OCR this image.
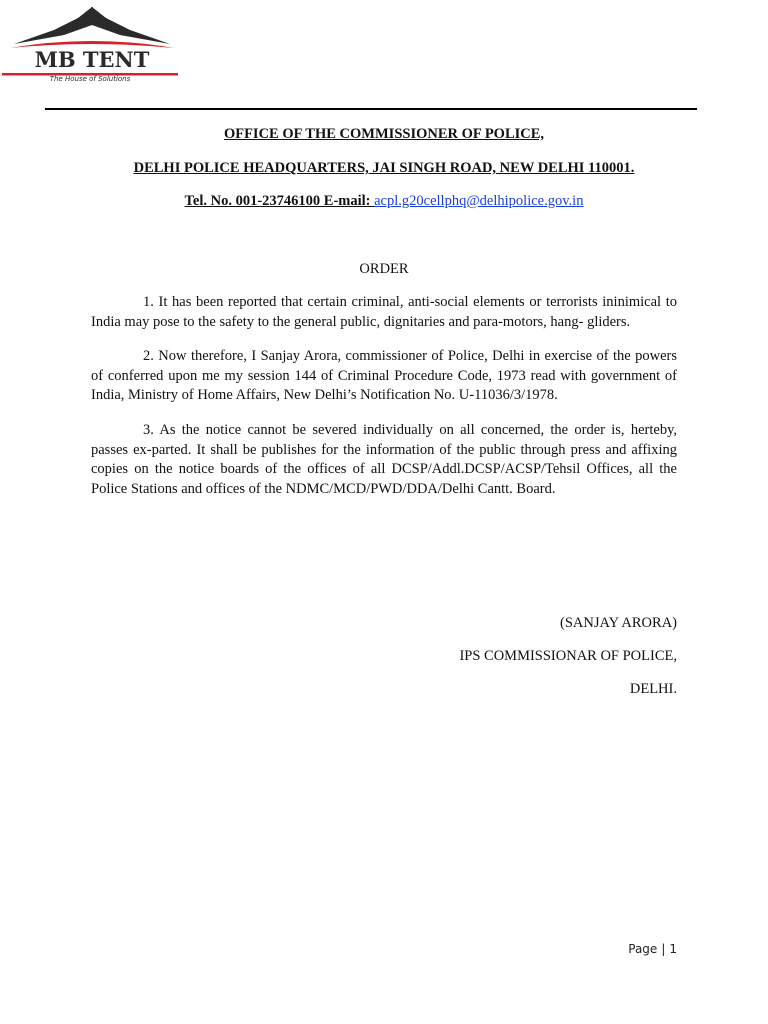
MB TENT
The House of Solutions
OFFICE OF THE COMMISSIONER OF POLICE,
DELHI POLICE HEADQUARTERS, JAI SINGH ROAD, NEW DELHI 110001.
Tel. No. 001-23746100 E-mail: acpl.g20cellphq@delhipolice.gov.in
ORDER

1. It has been reported that certain criminal, anti-social elements or terrorists ininimical to India may pose to the safety to the general public, dignitaries and para-motors, hang- gliders.

2. Now therefore, I Sanjay Arora, commissioner of Police, Delhi in exercise of the powers of conferred upon me my session 144 of Criminal Procedure Code, 1973 read with government of India, Ministry of Home Affairs, New Delhi’s Notification No. U-11036/3/1978.

3. As the notice cannot be severed individually on all concerned, the order is, herteby, passes ex-parted. It shall be publishes for the information of the public through press and affixing copies on the notice boards of the offices of all DCSP/Addl.DCSP/ACSP/Tehsil Offices, all the Police Stations and offices of the NDMC/MCD/PWD/DDA/Delhi Cantt. Board.

(SANJAY ARORA)
IPS COMMISSIONAR OF POLICE,
DELHI.
Page | 1
